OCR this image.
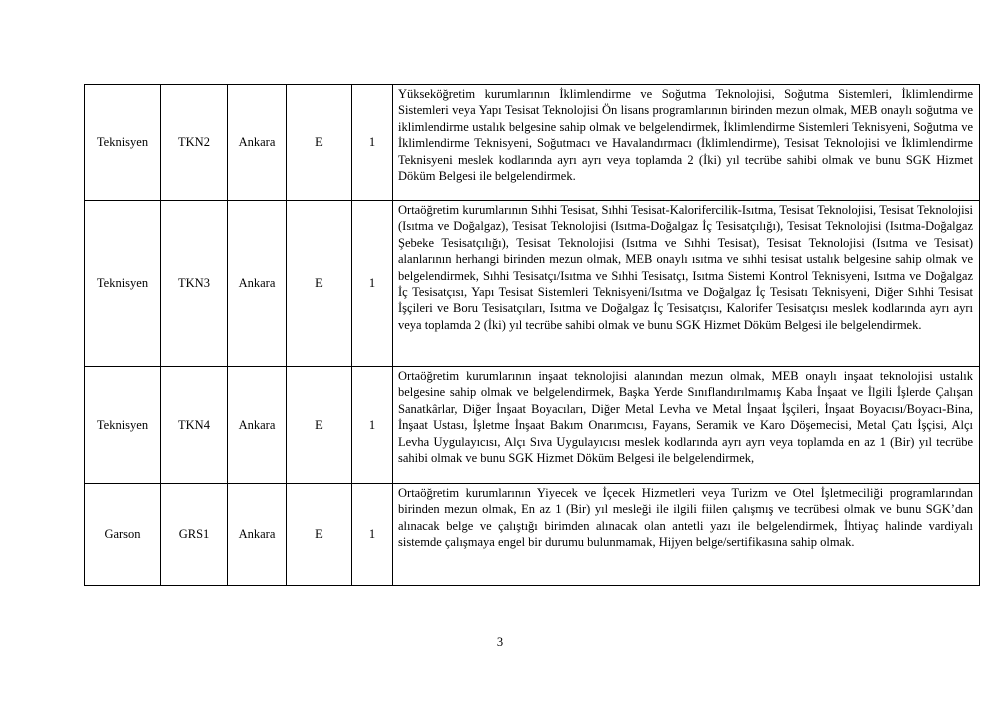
Teknisyen	TKN2	Ankara	E	1	Yükseköğretim kurumlarının İklimlendirme ve Soğutma Teknolojisi, Soğutma Sistemleri, İklimlendirme Sistemleri veya Yapı Tesisat Teknolojisi Ön lisans programlarının birinden mezun olmak, MEB onaylı soğutma ve iklimlendirme ustalık belgesine sahip olmak ve belgelendirmek, İklimlendirme Sistemleri Teknisyeni, Soğutma ve İklimlendirme Teknisyeni, Soğutmacı ve Havalandırmacı (İklimlendirme), Tesisat Teknolojisi ve İklimlendirme Teknisyeni meslek kodlarında ayrı ayrı veya toplamda 2 (İki) yıl tecrübe sahibi olmak ve bunu SGK Hizmet Döküm Belgesi ile belgelendirmek.
Teknisyen	TKN3	Ankara	E	1	Ortaöğretim kurumlarının Sıhhi Tesisat, Sıhhi Tesisat-Kalorifercilik-Isıtma, Tesisat Teknolojisi, Tesisat Teknolojisi (Isıtma ve Doğalgaz), Tesisat Teknolojisi (Isıtma-Doğalgaz İç Tesisatçılığı), Tesisat Teknolojisi (Isıtma-Doğalgaz Şebeke Tesisatçılığı), Tesisat Teknolojisi (Isıtma ve Sıhhi Tesisat), Tesisat Teknolojisi (Isıtma ve Tesisat) alanlarının herhangi birinden mezun olmak, MEB onaylı ısıtma ve sıhhi tesisat ustalık belgesine sahip olmak ve belgelendirmek, Sıhhi Tesisatçı/Isıtma ve Sıhhi Tesisatçı, Isıtma Sistemi Kontrol Teknisyeni, Isıtma ve Doğalgaz İç Tesisatçısı, Yapı Tesisat Sistemleri Teknisyeni/Isıtma ve Doğalgaz İç Tesisatı Teknisyeni, Diğer Sıhhi Tesisat İşçileri ve Boru Tesisatçıları, Isıtma ve Doğalgaz İç Tesisatçısı, Kalorifer Tesisatçısı meslek kodlarında ayrı ayrı veya toplamda 2 (İki) yıl tecrübe sahibi olmak ve bunu SGK Hizmet Döküm Belgesi ile belgelendirmek.
Teknisyen	TKN4	Ankara	E	1	Ortaöğretim kurumlarının inşaat teknolojisi alanından mezun olmak, MEB onaylı inşaat teknolojisi ustalık belgesine sahip olmak ve belgelendirmek, Başka Yerde Sınıflandırılmamış Kaba İnşaat ve İlgili İşlerde Çalışan Sanatkârlar, Diğer İnşaat Boyacıları, Diğer Metal Levha ve Metal İnşaat İşçileri, İnşaat Boyacısı/Boyacı-Bina, İnşaat Ustası, İşletme İnşaat Bakım Onarımcısı, Fayans, Seramik ve Karo Döşemecisi, Metal Çatı İşçisi, Alçı Levha Uygulayıcısı, Alçı Sıva Uygulayıcısı meslek kodlarında ayrı ayrı veya toplamda en az 1 (Bir) yıl tecrübe sahibi olmak ve bunu SGK Hizmet Döküm Belgesi ile belgelendirmek,
Garson	GRS1	Ankara	E	1	Ortaöğretim kurumlarının Yiyecek ve İçecek Hizmetleri veya Turizm ve Otel İşletmeciliği programlarından birinden mezun olmak, En az 1 (Bir) yıl mesleği ile ilgili fiilen çalışmış ve tecrübesi olmak ve bunu SGK’dan alınacak belge ve çalıştığı birimden alınacak olan antetli yazı ile belgelendirmek, İhtiyaç halinde vardiyalı sistemde çalışmaya engel bir durumu bulunmamak, Hijyen belge/sertifikasına sahip olmak.
3
